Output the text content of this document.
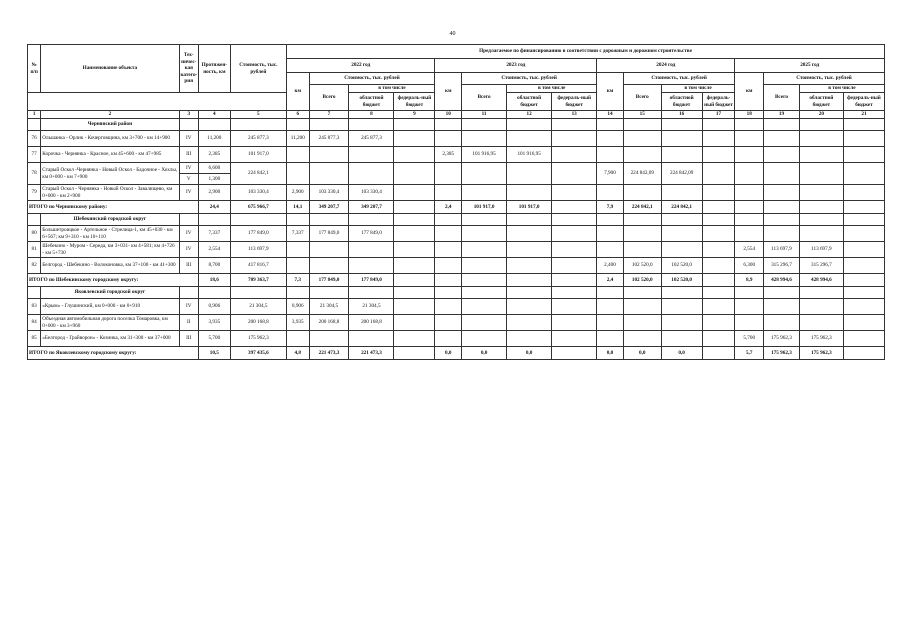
40
№ п/п	Наименование объекта	Тех-ничес-кая катего-рия	Протяжен-ность, км	Стоимость, тыс. рублей	Предлагаемое по финансированию в соответствии с дорожным и дорожном строительстве															
					2022 год				2023 год				2024 год				2025 год			
					км	Стоимость, тыс. рублей			км	Стоимость, тыс. рублей			км	Стоимость, тыс. рублей			км	Стоимость, тыс. рублей		
						Всего	в том числе			Всего	в том числе			Всего	в том числе			Всего	в том числе	
							областной бюджет	федераль-ный бюджет			областной бюджет	федераль-ный бюджет			областной бюджет	федераль-ный бюджет			областной бюджет	федераль-ный бюджет
1	2	3	4	5	6	7	8	9	10	11	12	13	14	15	16	17	18	19	20	21
	Чернянский район																			
76	Ольшанка - Орлик - Кочерговщина, км 3+700 - км 14+900	IV	11,200	245 877,3	11,200	245 877,3	245 877,3													
77	Корочка - Чернянка - Красное, км 45+600 - км 47+985	III	2,385	101 917,0					2,385	101 916,95	101 916,95									
78	Старый Оскол -Чернянка - Новый Оскол - Бадочное - Хохлы, км 0+000 - км 7+900	IV	6,600	224 842,1									7,900	224 842,09	224 842,09					
		V	1,300																	
79	Старый Оскол - Чернянка - Новый Оскол - Завалищево, км 0+000 - км 2+900	IV	2,900	103 330,4	2,900	103 330,4	103 330,4													
ИТОГО по Чернянскому району:			24,4	675 966,7	14,1	349 207,7	349 207,7		2,4	101 917,0	101 917,0		7,9	224 842,1	224 842,1					
	Шебекинский городской округ																			
80	Большетроицкое - Артельное - Стрелица-1, км 45+030 - км 6+567; км 9+310 - км 10+110	IV	7,337	177 849,0	7,337	177 849,0	177 849,0													
81	Шебекино - Муром - Середа, км 3+031- км 4+581; км 4+726 - км 5+730	IV	2,554	113 697,9													2,554	113 697,9	113 697,9	
82	Белгород - Шебекино - Волоконовка, км 37+100 - км 41+300	III	8,700	417 816,7									2,400	102 520,0	102 520,0		6,300	315 296,7	315 296,7	
ИТОГО по Шебекинскому городскому округу:			18,6	709 363,7	7,3	177 849,0	177 849,0						2,4	102 520,0	102 520,0		8,9	428 994,6	428 994,6	
	Яковлевский городской округ																			
83	«Крым» - Глушинский, км 0+000 - км 0+910	IV	0,906	21 304,5	0,906	21 304,5	21 304,5													
84	Объездная автомобильная дорога поселка Томаровка, км 0+000 - км 3+960	II	3,935	200 168,8	3,935	200 168,8	200 168,8													
85	«Белгород - Грайворон» - Козинка, км 31+300 - км 37+000	III	5,700	175 962,3													5,700	175 962,3	175 962,3	
ИТОГО по Яковлевскому городскому округу:			10,5	397 435,6	4,8	221 473,3	221 473,3		0,0	0,0	0,0		0,0	0,0	0,0		5,7	175 962,3	175 962,3	
